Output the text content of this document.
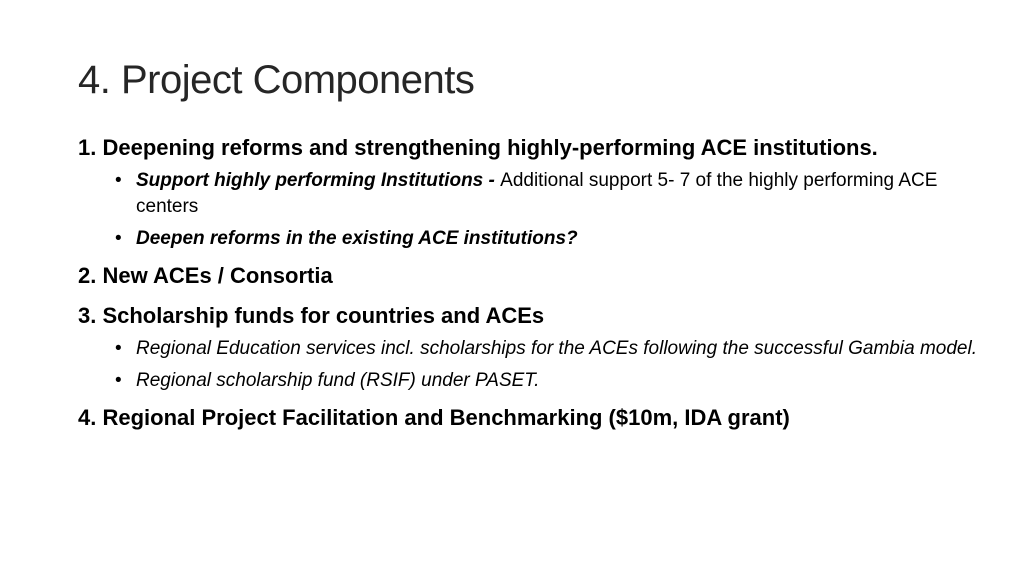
4. Project Components

1. Deepening reforms and strengthening highly-performing ACE institutions.

• Support highly performing Institutions - Additional support 5- 7 of the highly performing ACE centers
• Deepen reforms in the existing ACE institutions?

2. New ACEs / Consortia

3. Scholarship funds for countries and ACEs

• Regional Education services incl. scholarships for the ACEs following the successful Gambia model.
• Regional scholarship fund (RSIF) under PASET.

4. Regional Project Facilitation and Benchmarking ($10m, IDA grant)
